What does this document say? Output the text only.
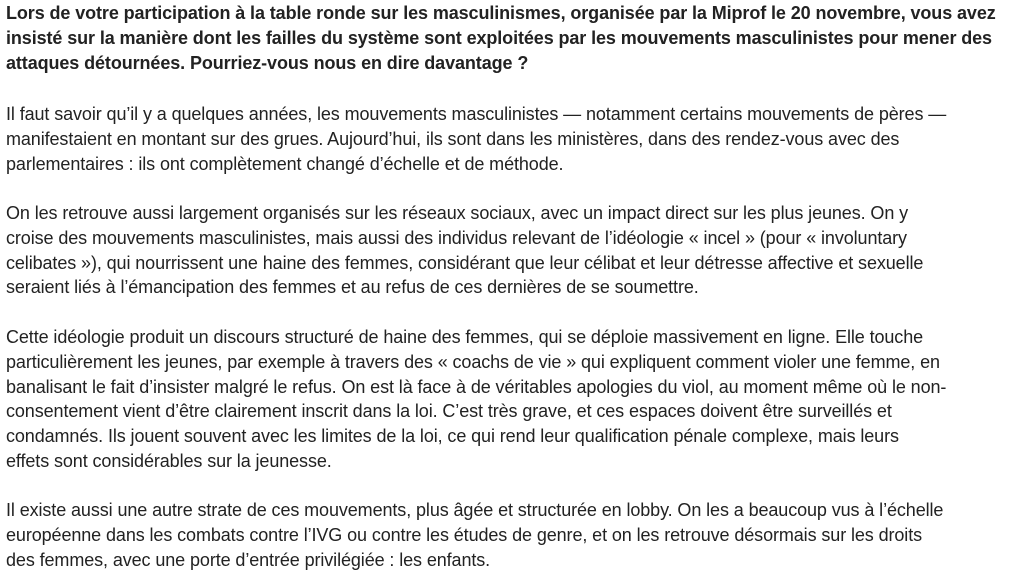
Lors de votre participation à la table ronde sur les masculinismes, organisée par la Miprof le 20 novembre, vous avez
insisté sur la manière dont les failles du système sont exploitées par les mouvements masculinistes pour mener des
attaques détournées. Pourriez-vous nous en dire davantage ?

Il faut savoir qu’il y a quelques années, les mouvements masculinistes — notamment certains mouvements de pères —
manifestaient en montant sur des grues. Aujourd’hui, ils sont dans les ministères, dans des rendez-vous avec des
parlementaires : ils ont complètement changé d’échelle et de méthode.

On les retrouve aussi largement organisés sur les réseaux sociaux, avec un impact direct sur les plus jeunes. On y
croise des mouvements masculinistes, mais aussi des individus relevant de l’idéologie « incel » (pour « involuntary
celibates »), qui nourrissent une haine des femmes, considérant que leur célibat et leur détresse affective et sexuelle
seraient liés à l’émancipation des femmes et au refus de ces dernières de se soumettre.

Cette idéologie produit un discours structuré de haine des femmes, qui se déploie massivement en ligne. Elle touche
particulièrement les jeunes, par exemple à travers des « coachs de vie » qui expliquent comment violer une femme, en
banalisant le fait d’insister malgré le refus. On est là face à de véritables apologies du viol, au moment même où le non-
consentement vient d’être clairement inscrit dans la loi. C’est très grave, et ces espaces doivent être surveillés et
condamnés. Ils jouent souvent avec les limites de la loi, ce qui rend leur qualification pénale complexe, mais leurs
effets sont considérables sur la jeunesse.

Il existe aussi une autre strate de ces mouvements, plus âgée et structurée en lobby. On les a beaucoup vus à l’échelle
européenne dans les combats contre l’IVG ou contre les études de genre, et on les retrouve désormais sur les droits
des femmes, avec une porte d’entrée privilégiée : les enfants.
